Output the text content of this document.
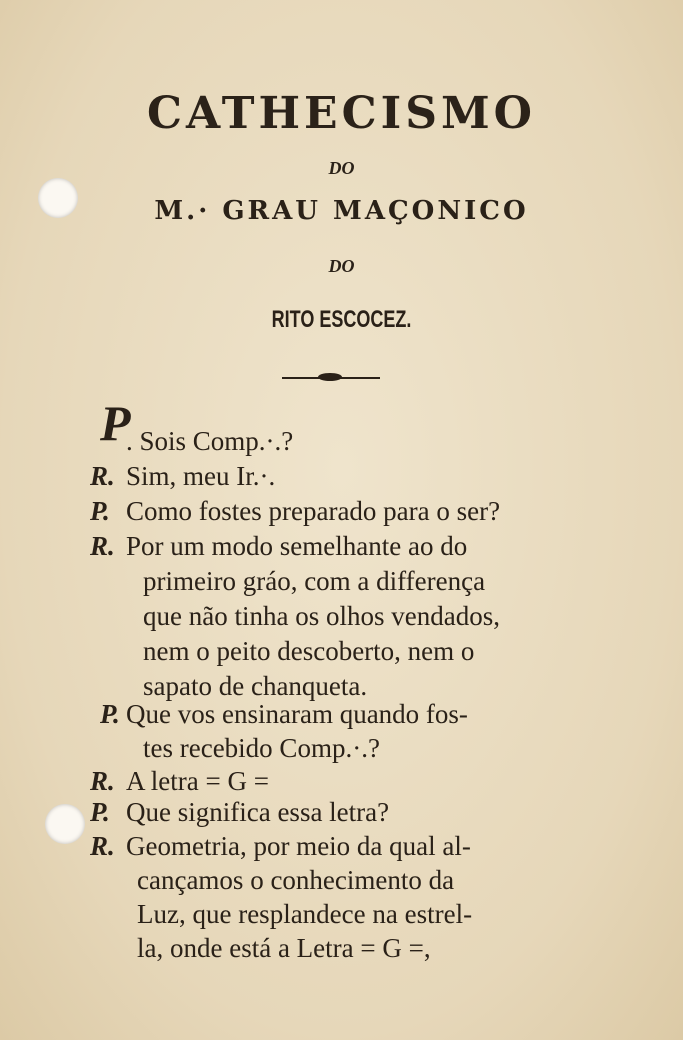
CATHECISMO
DO
M.· GRAU MAÇONICO
DO
RITO ESCOCEZ.
P
. Sois Comp.·.?
R. Sim, meu Ir.·.
P. Como fostes preparado para o ser?
R. Por um modo semelhante ao do
primeiro gráo, com a differença
que não tinha os olhos vendados,
nem o peito descoberto, nem o
sapato de chanqueta.
P. Que vos ensinaram quando fos-
tes recebido Comp.·.?
R. A letra = G =
P. Que significa essa letra?
R. Geometria, por meio da qual al-
cançamos o conhecimento da
Luz, que resplandece na estrel-
la, onde está a Letra = G =,
